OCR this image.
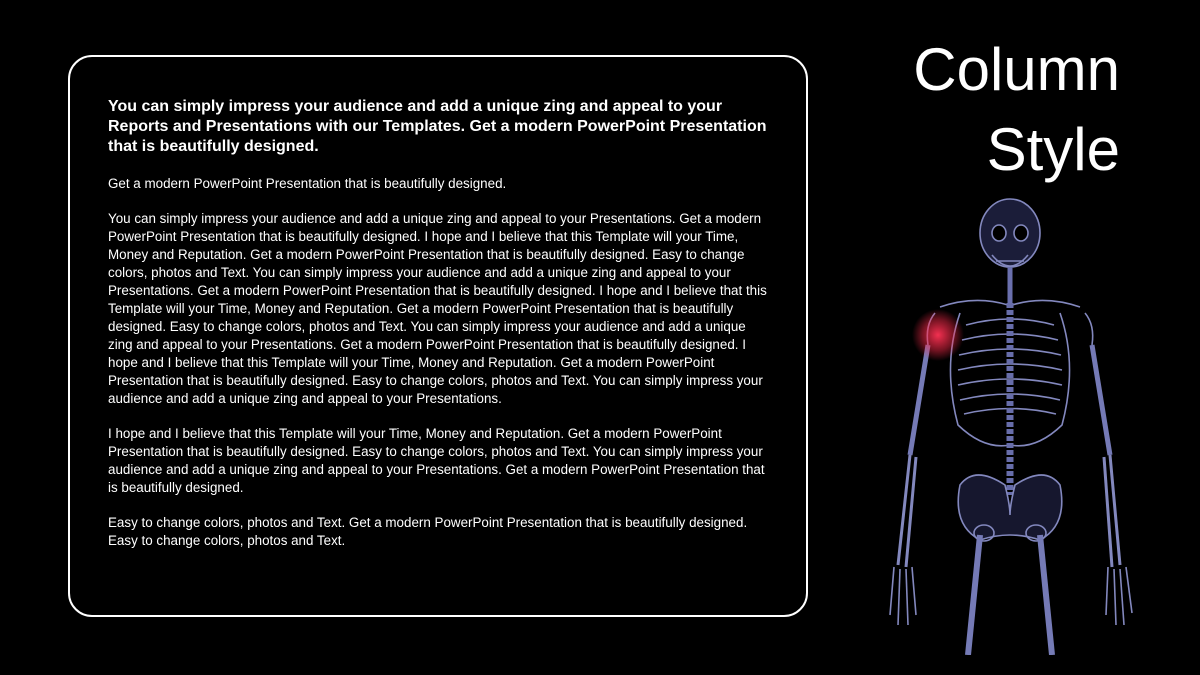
You can simply impress your audience and add a unique zing and appeal to your Reports and Presentations with our Templates. Get a modern PowerPoint Presentation that is beautifully designed.

Get a modern PowerPoint Presentation that is beautifully designed.

You can simply impress your audience and add a unique zing and appeal to your Presentations. Get a modern PowerPoint Presentation that is beautifully designed. I hope and I believe that this Template will your Time, Money and Reputation. Get a modern PowerPoint Presentation that is beautifully designed. Easy to change colors, photos and Text. You can simply impress your audience and add a unique zing and appeal to your Presentations. Get a modern PowerPoint Presentation that is beautifully designed. I hope and I believe that this Template will your Time, Money and Reputation. Get a modern PowerPoint Presentation that is beautifully designed. Easy to change colors, photos and Text. You can simply impress your audience and add a unique zing and appeal to your Presentations. Get a modern PowerPoint Presentation that is beautifully designed. I hope and I believe that this Template will your Time, Money and Reputation. Get a modern PowerPoint Presentation that is beautifully designed. Easy to change colors, photos and Text. You can simply impress your audience and add a unique zing and appeal to your Presentations.

I hope and I believe that this Template will your Time, Money and Reputation. Get a modern PowerPoint Presentation that is beautifully designed. Easy to change colors, photos and Text. You can simply impress your audience and add a unique zing and appeal to your Presentations. Get a modern PowerPoint Presentation that is beautifully designed.

Easy to change colors, photos and Text. Get a modern PowerPoint Presentation that is beautifully designed. Easy to change colors, photos and Text.

Column
Style
